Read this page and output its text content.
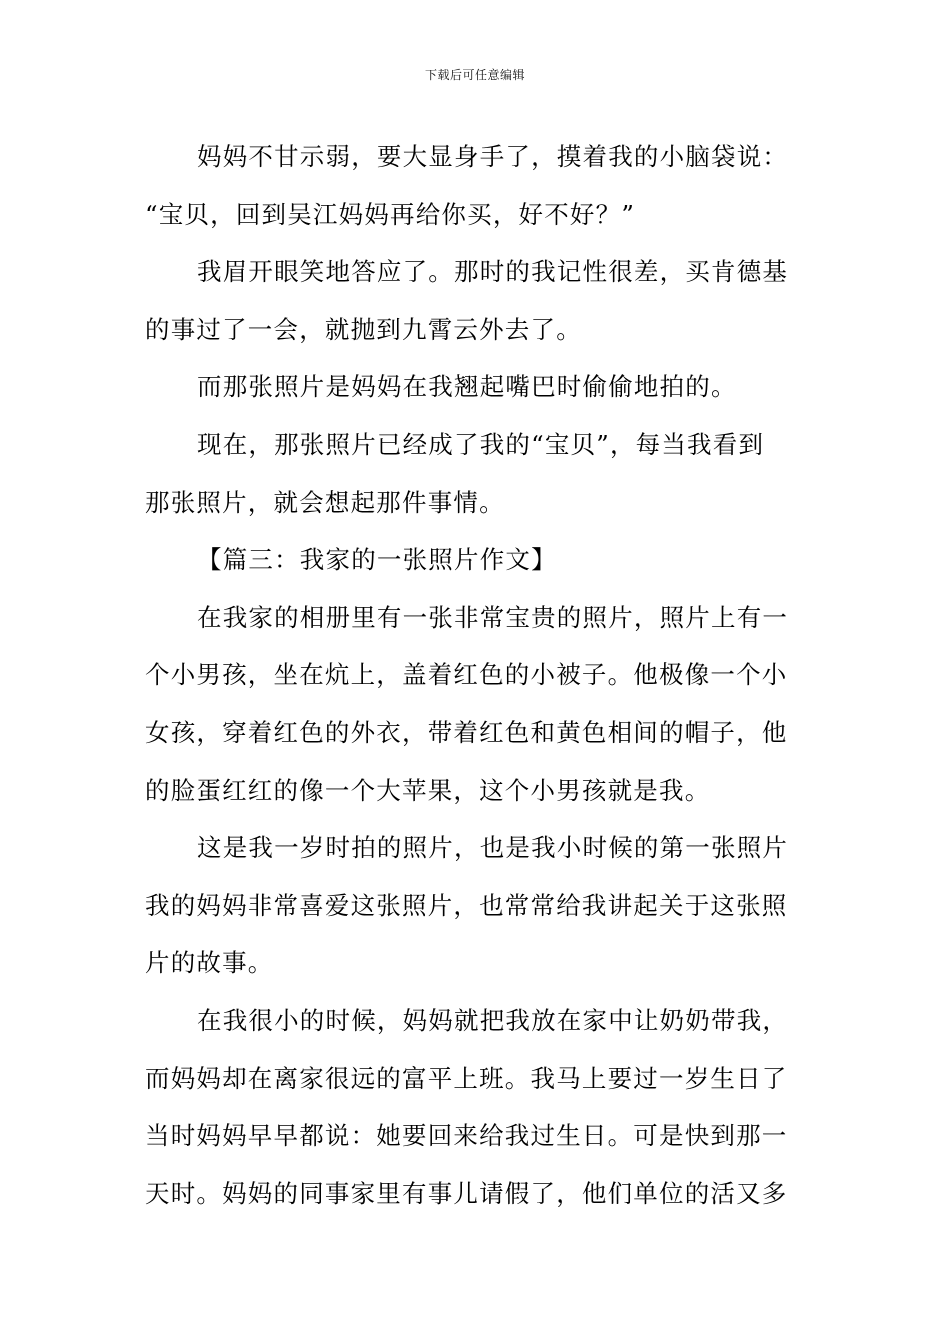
下载后可任意编辑
妈妈不甘示弱，要大显身手了，摸着我的小脑袋说：
“宝贝，回到吴江妈妈再给你买，好不好？”
我眉开眼笑地答应了。那时的我记性很差，买肯德基
的事过了一会，就抛到九霄云外去了。
而那张照片是妈妈在我翘起嘴巴时偷偷地拍的。
现在，那张照片已经成了我的“宝贝”，每当我看到
那张照片，就会想起那件事情。
【篇三：我家的一张照片作文】
在我家的相册里有一张非常宝贵的照片，照片上有一
个小男孩，坐在炕上，盖着红色的小被子。他极像一个小
女孩，穿着红色的外衣，带着红色和黄色相间的帽子，他
的脸蛋红红的像一个大苹果，这个小男孩就是我。
这是我一岁时拍的照片，也是我小时候的第一张照片
我的妈妈非常喜爱这张照片，也常常给我讲起关于这张照
片的故事。
在我很小的时候，妈妈就把我放在家中让奶奶带我，
而妈妈却在离家很远的富平上班。我马上要过一岁生日了
当时妈妈早早都说：她要回来给我过生日。可是快到那一
天时。妈妈的同事家里有事儿请假了，他们单位的活又多
